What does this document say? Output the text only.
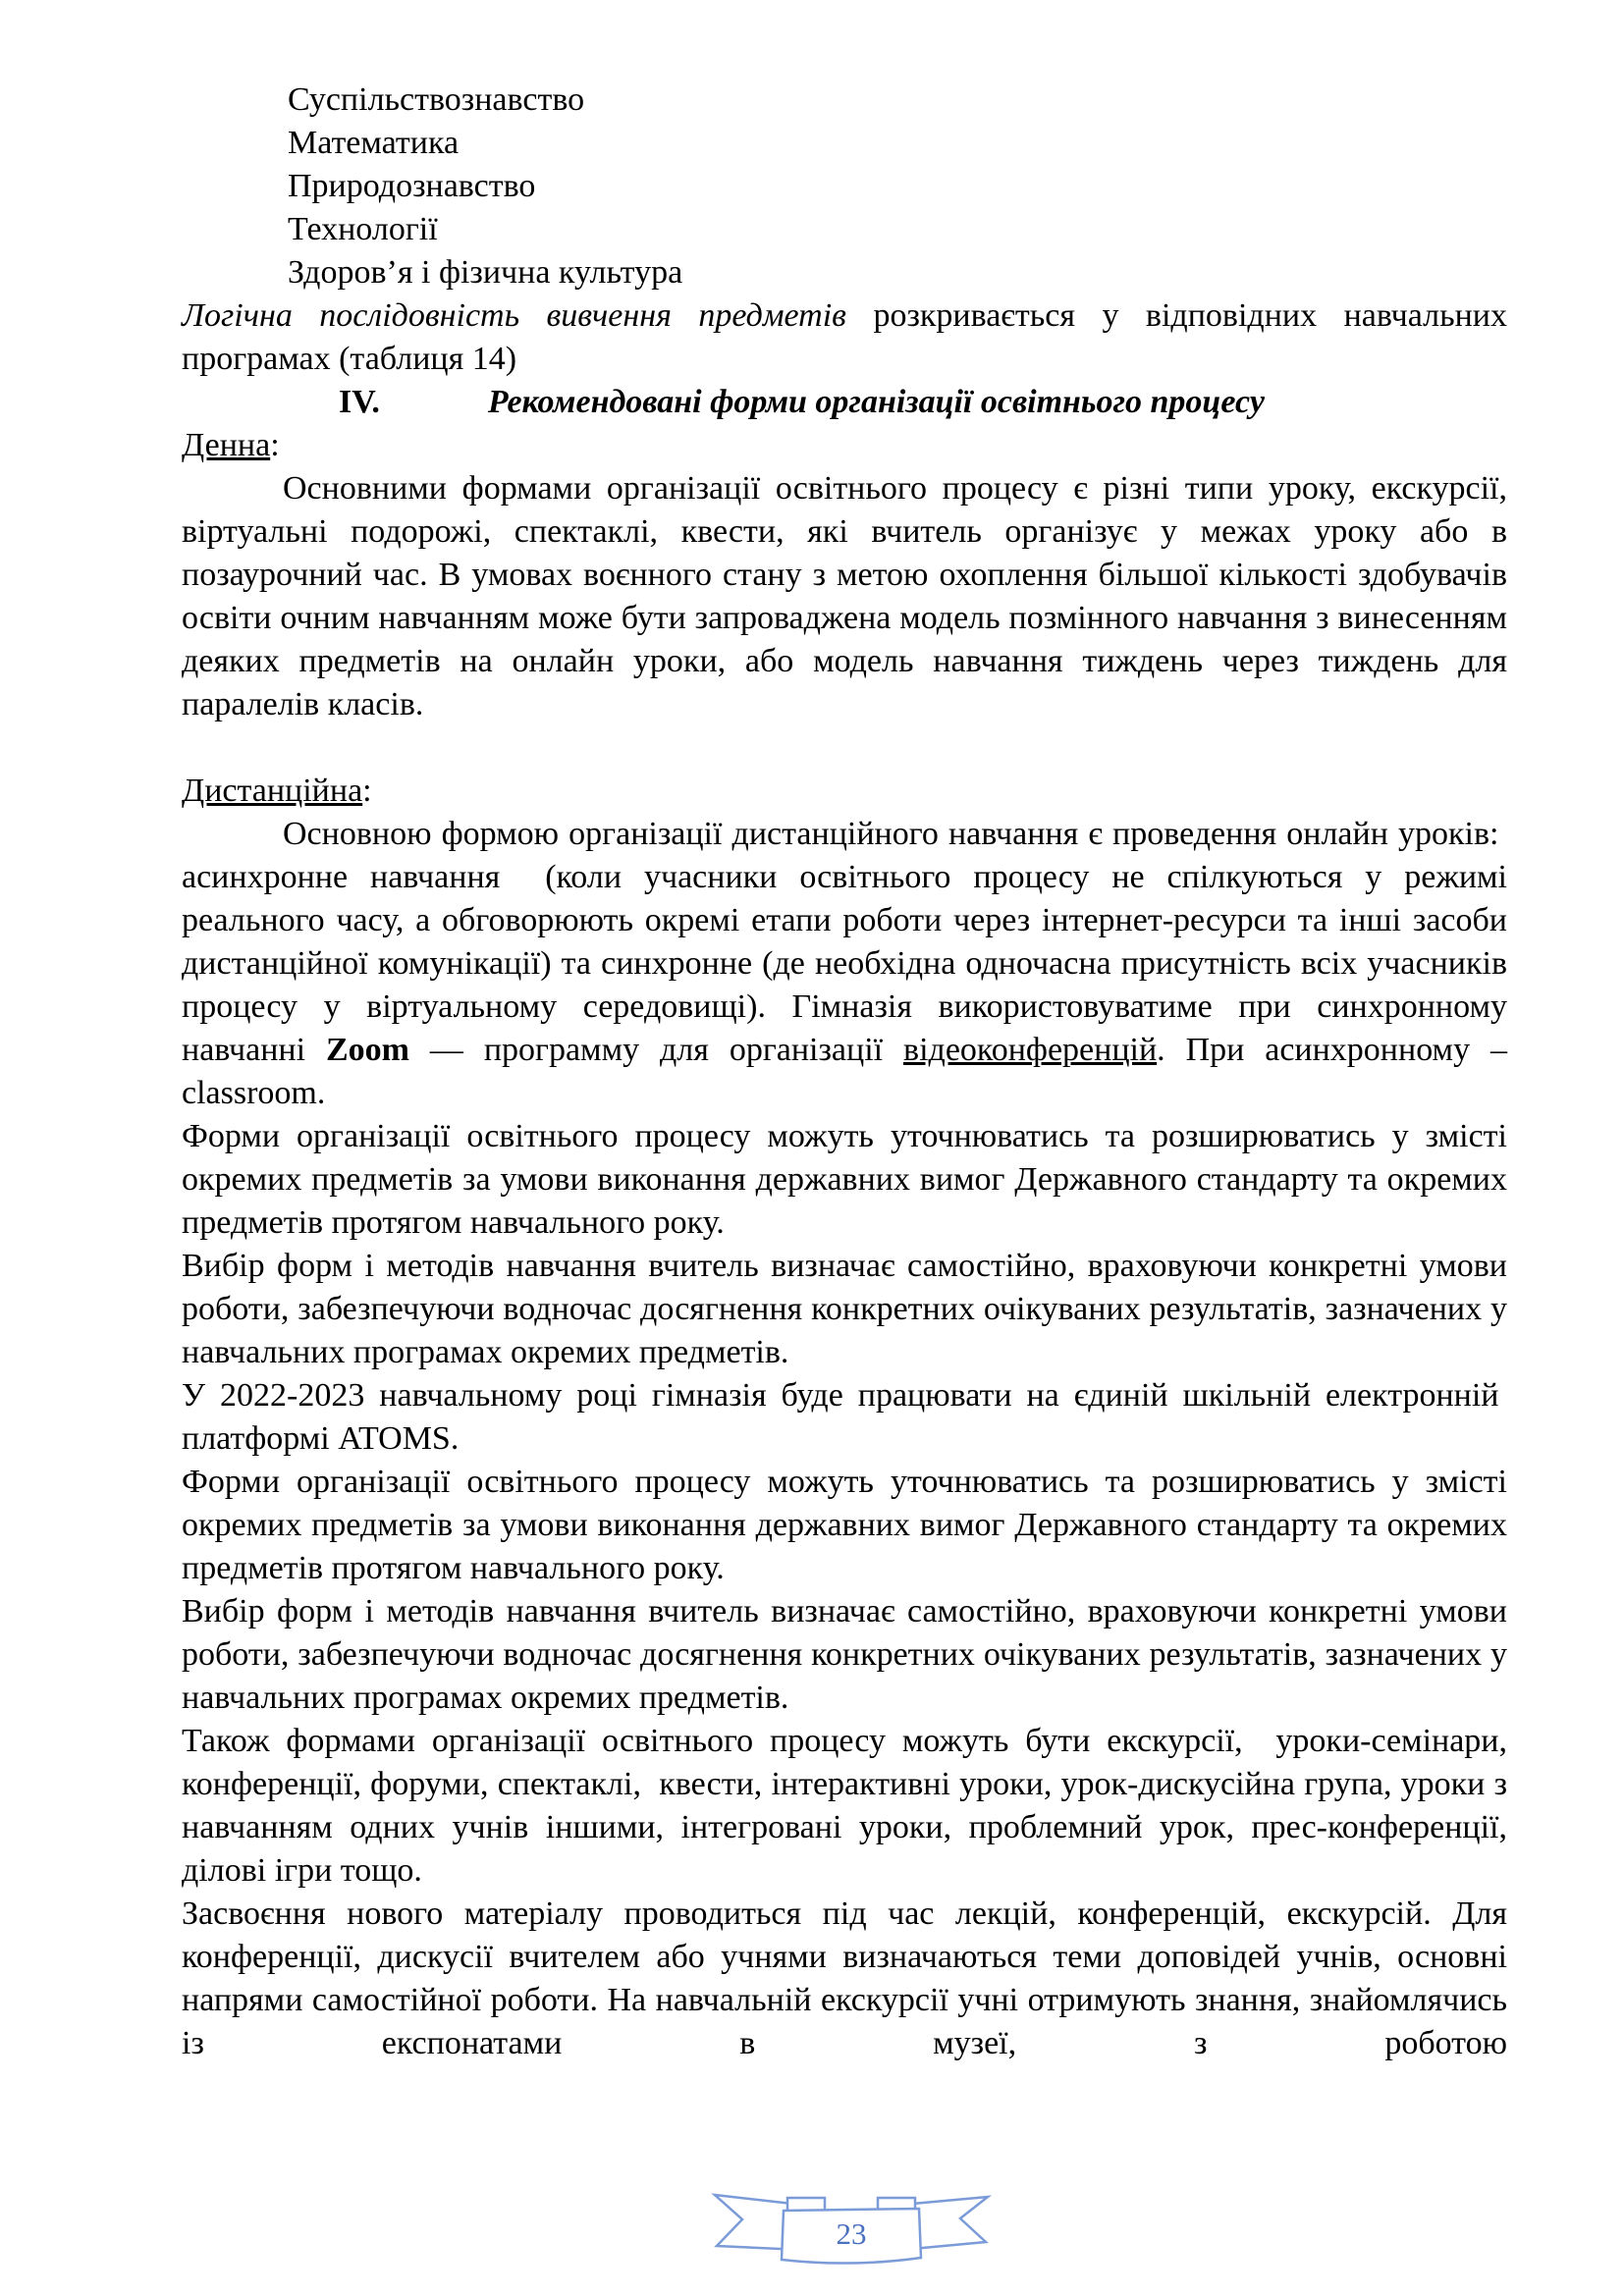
Суспільствознавство
Математика
Природознавство
Технології
Здоров’я і фізична культура

Логічна послідовність вивчення предметів розкривається у відповідних навчальних програмах (таблиця 14)

IV.	Рекомендовані форми організації освітнього процесу

Денна:

Основними формами організації освітнього процесу є різні типи уроку, екскурсії, віртуальні подорожі, спектаклі, квести, які вчитель організує у межах уроку або в позаурочний час. В умовах воєнного стану з метою охоплення більшої кількості здобувачів освіти очним навчанням може бути запроваджена модель позмінного навчання з винесенням деяких предметів на онлайн уроки, або модель навчання тиждень через тиждень для паралелів класів.

Дистанційна:

Основною формою організації дистанційного навчання є проведення онлайн уроків:  асинхронне навчання  (коли учасники освітнього процесу не спілкуються у режимі реального часу, а обговорюють окремі етапи роботи через інтернет-ресурси та інші засоби дистанційної комунікації) та синхронне (де необхідна одночасна присутність всіх учасників процесу у віртуальному середовищі). Гімназія використовуватиме при синхронному навчанні Zoom — программу для організації відеоконференцій. При асинхронному – classroom.

Форми організації освітнього процесу можуть уточнюватись та розширюватись у змісті окремих предметів за умови виконання державних вимог Державного стандарту та окремих предметів протягом навчального року.

Вибір форм і методів навчання вчитель визначає самостійно, враховуючи конкретні умови роботи, забезпечуючи водночас досягнення конкретних очікуваних результатів, зазначених у навчальних програмах окремих предметів.

У 2022-2023 навчальному році гімназія буде працювати на єдиній шкільній електронній  платформі ATOMS.

Форми організації освітнього процесу можуть уточнюватись та розширюватись у змісті окремих предметів за умови виконання державних вимог Державного стандарту та окремих предметів протягом навчального року.

Вибір форм і методів навчання вчитель визначає самостійно, враховуючи конкретні умови роботи, забезпечуючи водночас досягнення конкретних очікуваних результатів, зазначених у навчальних програмах окремих предметів.

Також формами організації освітнього процесу можуть бути екскурсії,  уроки-семінари, конференції, форуми, спектаклі,  квести, інтерактивні уроки, урок-дискусійна група, уроки з навчанням одних учнів іншими, інтегровані уроки, проблемний урок, прес-конференції, ділові ігри тощо.

Засвоєння нового матеріалу проводиться під час лекцій, конференцій, екскурсій. Для конференції, дискусії вчителем або учнями визначаються теми доповідей учнів, основні напрями самостійної роботи. На навчальній екскурсії учні отримують знання, знайомлячись із експонатами в музеї, з роботою

23
